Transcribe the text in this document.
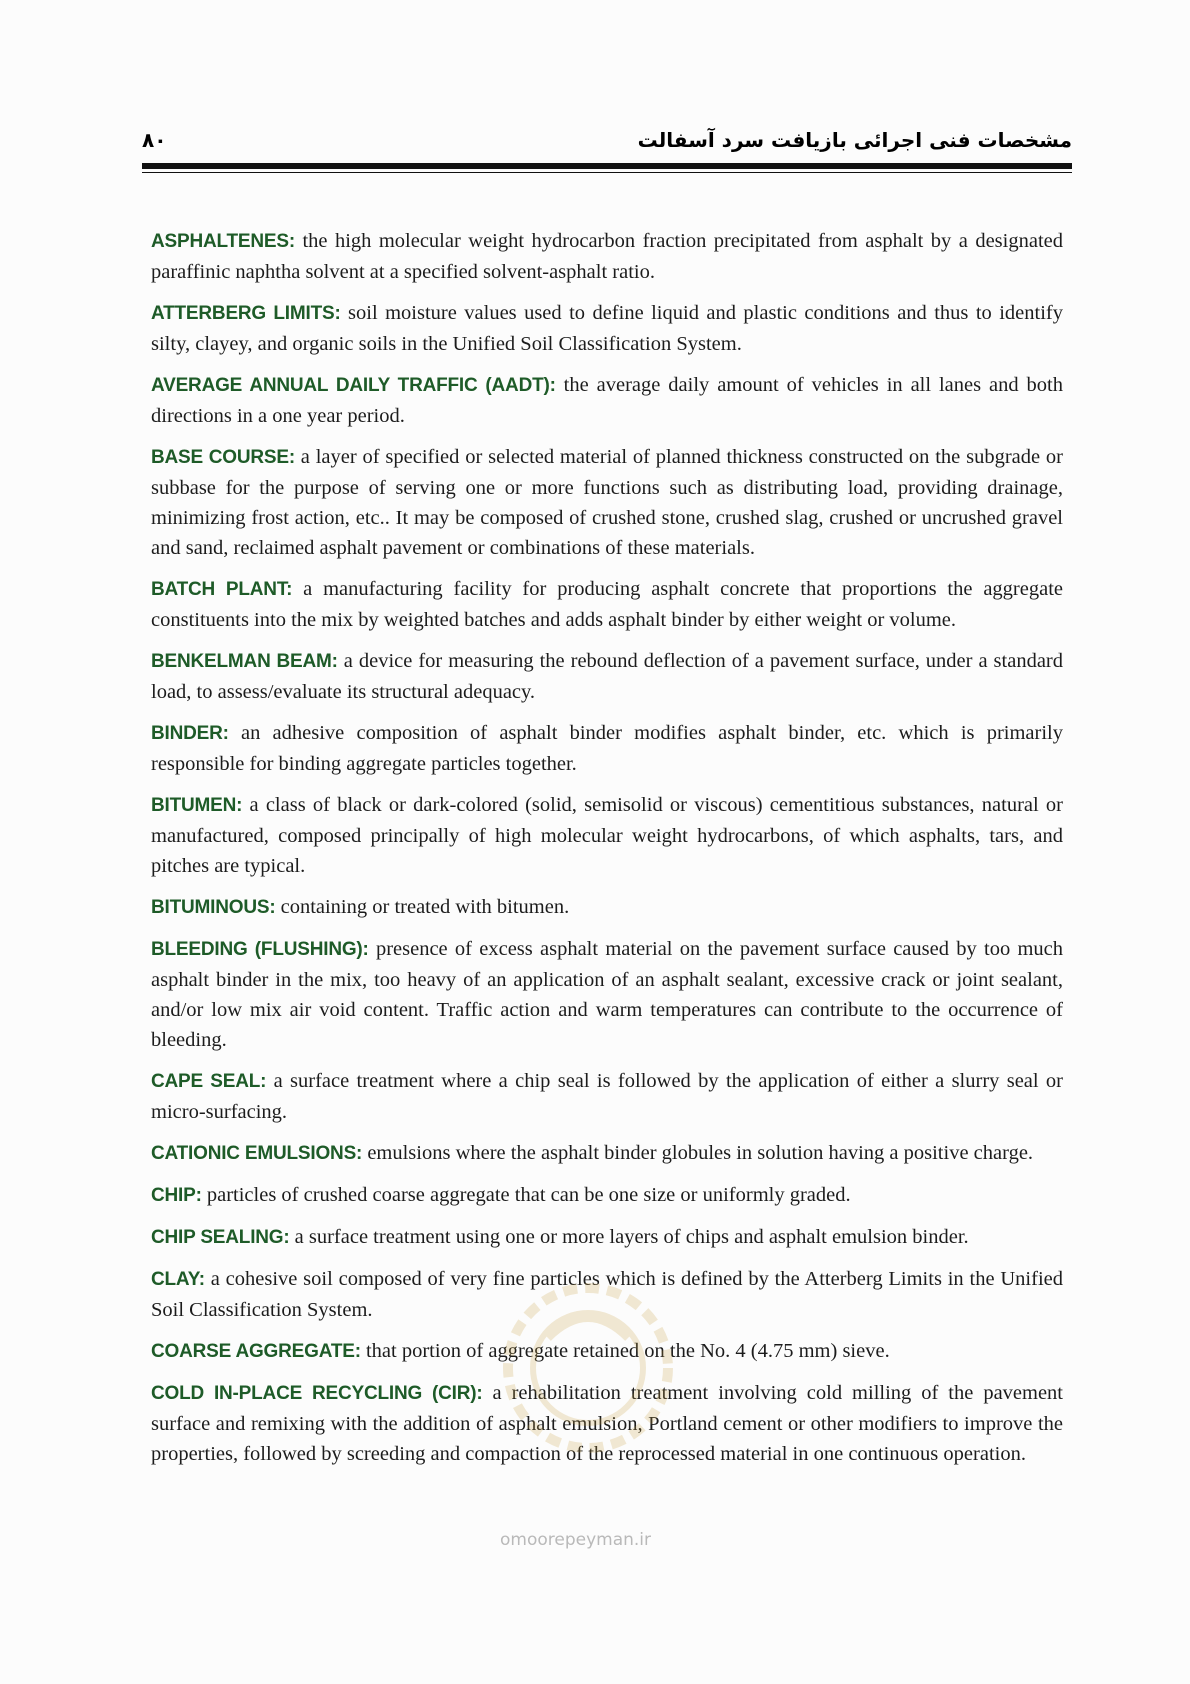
مشخصات فنی اجرائی بازیافت سرد آسفالت
۸۰

ASPHALTENES: the high molecular weight hydrocarbon fraction precipitated from asphalt by a designated paraffinic naphtha solvent at a specified solvent-asphalt ratio.

ATTERBERG LIMITS: soil moisture values used to define liquid and plastic conditions and thus to identify silty, clayey, and organic soils in the Unified Soil Classification System.

AVERAGE ANNUAL DAILY TRAFFIC (AADT): the average daily amount of vehicles in all lanes and both directions in a one year period.

BASE COURSE: a layer of specified or selected material of planned thickness constructed on the subgrade or subbase for the purpose of serving one or more functions such as distributing load, providing drainage, minimizing frost action, etc.. It may be composed of crushed stone, crushed slag, crushed or uncrushed gravel and sand, reclaimed asphalt pavement or combinations of these materials.

BATCH PLANT: a manufacturing facility for producing asphalt concrete that proportions the aggregate constituents into the mix by weighted batches and adds asphalt binder by either weight or volume.

BENKELMAN BEAM: a device for measuring the rebound deflection of a pavement surface, under a standard load, to assess/evaluate its structural adequacy.

BINDER: an adhesive composition of asphalt binder modifies asphalt binder, etc. which is primarily responsible for binding aggregate particles together.

BITUMEN: a class of black or dark-colored (solid, semisolid or viscous) cementitious substances, natural or manufactured, composed principally of high molecular weight hydrocarbons, of which asphalts, tars, and pitches are typical.

BITUMINOUS: containing or treated with bitumen.

BLEEDING (FLUSHING): presence of excess asphalt material on the pavement surface caused by too much asphalt binder in the mix, too heavy of an application of an asphalt sealant, excessive crack or joint sealant, and/or low mix air void content. Traffic action and warm temperatures can contribute to the occurrence of bleeding.

CAPE SEAL: a surface treatment where a chip seal is followed by the application of either a slurry seal or micro-surfacing.

CATIONIC EMULSIONS: emulsions where the asphalt binder globules in solution having a positive charge.

CHIP: particles of crushed coarse aggregate that can be one size or uniformly graded.

CHIP SEALING: a surface treatment using one or more layers of chips and asphalt emulsion binder.

CLAY: a cohesive soil composed of very fine particles which is defined by the Atterberg Limits in the Unified Soil Classification System.

COARSE AGGREGATE: that portion of aggregate retained on the No. 4 (4.75 mm) sieve.

COLD IN-PLACE RECYCLING (CIR): a rehabilitation treatment involving cold milling of the pavement surface and remixing with the addition of asphalt emulsion, Portland cement or other modifiers to improve the properties, followed by screeding and compaction of the reprocessed material in one continuous operation.

omoorepeyman.ir
